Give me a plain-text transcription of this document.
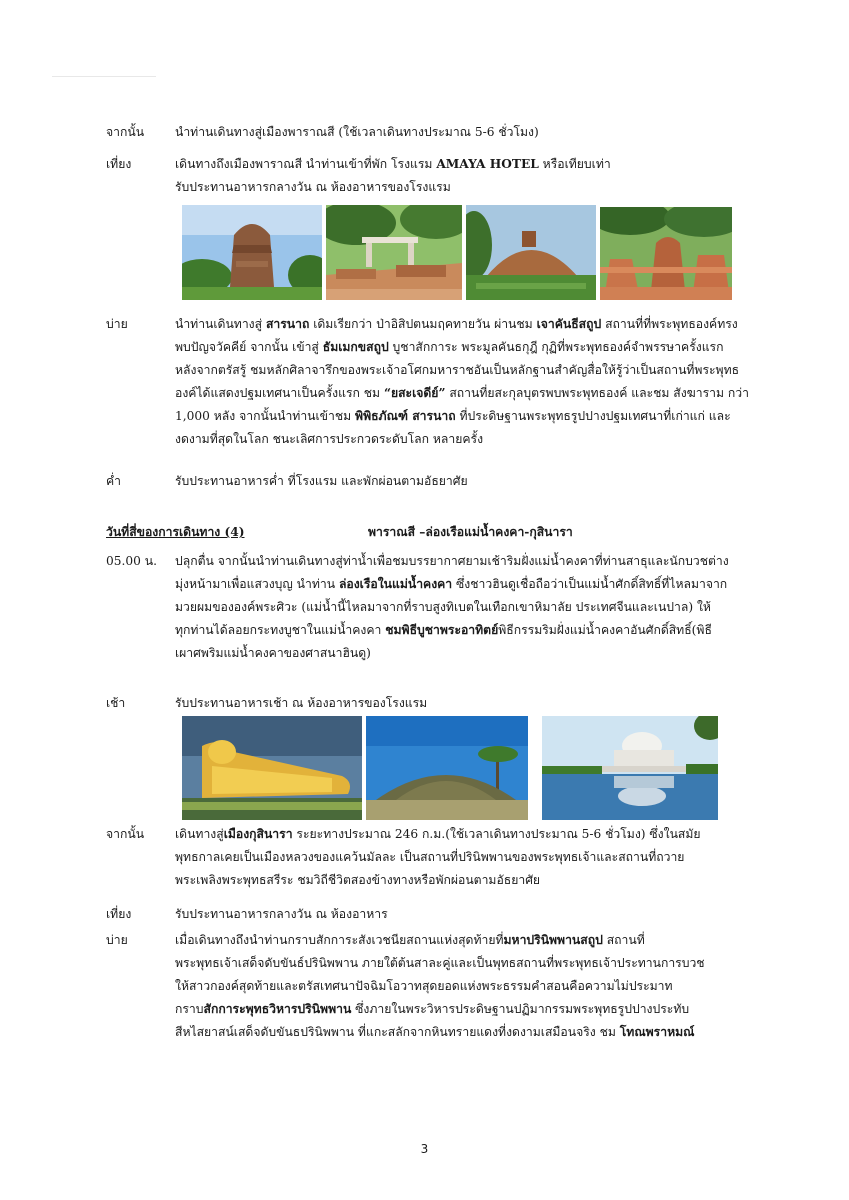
จากนั้น	นำท่านเดินทางสู่เมืองพาราณสี (ใช้เวลาเดินทางประมาณ 5-6 ชั่วโมง)

เที่ยง	เดินทางถึงเมืองพาราณสี นำท่านเข้าที่พัก โรงแรม AMAYA HOTEL หรือเทียบเท่า

รับประทานอาหารกลางวัน ณ ห้องอาหารของโรงแรม

บ่าย	นำท่านเดินทางสู่ สารนาถ เดิมเรียกว่า ป่าอิสิปตนมฤคทายวัน ผ่านชม เจาคันธีสถูป สถานที่ที่พระพุทธองค์ทรง

พบปัญจวัคคีย์ จากนั้น เข้าสู่ ธัมเมกขสถูป บูชาสักการะ พระมูลคันธกุฎี กุฏิที่พระพุทธองค์จำพรรษาครั้งแรก

หลังจากตรัสรู้ ชมหลักศิลาจารึกของพระเจ้าอโศกมหาราชอันเป็นหลักฐานสำคัญสื่อให้รู้ว่าเป็นสถานที่พระพุทธ

องค์ได้แสดงปฐมเทศนาเป็นครั้งแรก ชม “ยสะเจดีย์” สถานที่ยสะกุลบุตรพบพระพุทธองค์ และชม สังฆาราม กว่า

1,000 หลัง จากนั้นนำท่านเข้าชม พิพิธภัณฑ์ สารนาถ ที่ประดิษฐานพระพุทธรูปปางปฐมเทศนาที่เก่าแก่ และ

งดงามที่สุดในโลก ชนะเลิศการประกวดระดับโลก หลายครั้ง

ค่ำ	รับประทานอาหารค่ำ ที่โรงแรม และพักผ่อนตามอัธยาศัย

วันที่สี่ของการเดินทาง (4)	พาราณสี –ล่องเรือแม่น้ำคงคา-กุสินารา
05.00 น.	ปลุกตื่น จากนั้นนำท่านเดินทางสู่ท่าน้ำเพื่อชมบรรยากาศยามเช้าริมฝั่งแม่น้ำคงคาที่ท่านสาธุและนักบวชต่าง

มุ่งหน้ามาเพื่อแสวงบุญ นำท่าน ล่องเรือในแม่น้ำคงคา ซึ่งชาวฮินดูเชื่อถือว่าเป็นแม่น้ำศักดิ์สิทธิ์ที่ไหลมาจาก

มวยผมขององค์พระศิวะ (แม่น้ำนี้ไหลมาจากที่ราบสูงทิเบตในเทือกเขาหิมาลัย ประเทศจีนและเนปาล) ให้

ทุกท่านได้ลอยกระทงบูชาในแม่น้ำคงคา ชมพิธีบูชาพระอาทิตย์พิธีกรรมริมฝั่งแม่น้ำคงคาอันศักดิ์สิทธิ์(พิธี

เผาศพริมแม่น้ำคงคาของศาสนาฮินดู)

เช้า	รับประทานอาหารเช้า ณ ห้องอาหารของโรงแรม

จากนั้น	เดินทางสู่เมืองกุสินารา ระยะทางประมาณ 246 ก.ม.(ใช้เวลาเดินทางประมาณ 5-6 ชั่วโมง) ซึ่งในสมัย

พุทธกาลเคยเป็นเมืองหลวงของแคว้นมัลละ เป็นสถานที่ปรินิพพานของพระพุทธเจ้าและสถานที่ถวาย

พระเพลิงพระพุทธสรีระ ชมวิถีชีวิตสองข้างทางหรือพักผ่อนตามอัธยาศัย

เที่ยง	รับประทานอาหารกลางวัน ณ ห้องอาหาร

บ่าย	เมื่อเดินทางถึงนำท่านกราบสักการะสังเวชนียสถานแห่งสุดท้ายที่มหาปรินิพพานสถูป สถานที่

พระพุทธเจ้าเสด็จดับขันธ์ปรินิพพาน ภายใต้ต้นสาละคู่และเป็นพุทธสถานที่พระพุทธเจ้าประทานการบวช

ให้สาวกองค์สุดท้ายและตรัสเทศนาปัจฉิมโอวาทสุดยอดแห่งพระธรรมคำสอนคือความไม่ประมาท

กราบสักการะพุทธวิหารปรินิพพาน ซึ่งภายในพระวิหารประดิษฐานปฏิมากรรมพระพุทธรูปปางประทับ

สีหไสยาสน์เสด็จดับขันธปรินิพพาน ที่แกะสลักจากหินทรายแดงที่งดงามเสมือนจริง ชม โทณพราหมณ์

3
